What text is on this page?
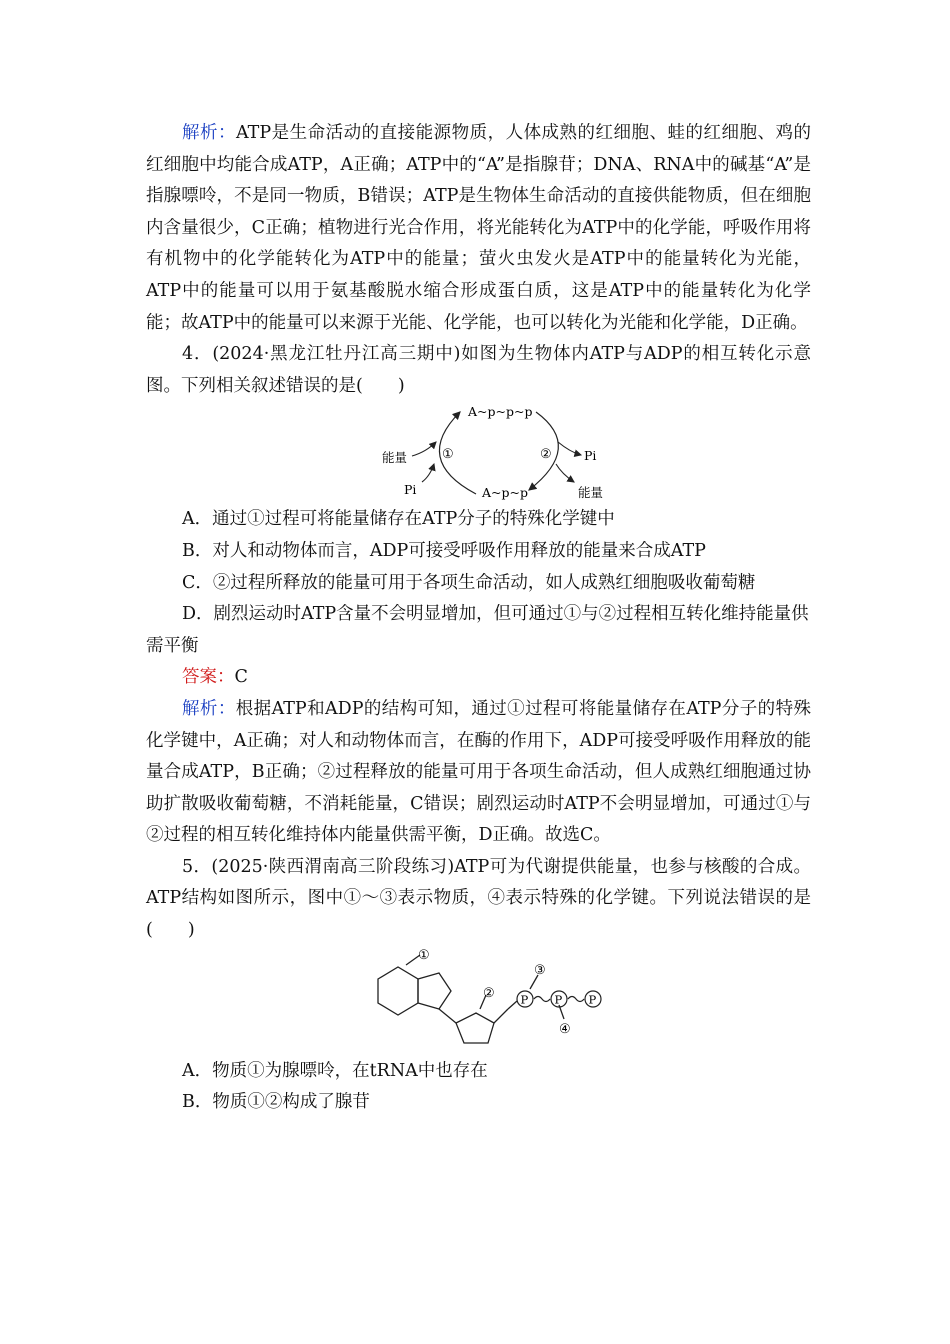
解析：ATP是生命活动的直接能源物质，人体成熟的红细胞、蛙的红细胞、鸡的红细胞中均能合成ATP，A正确；ATP中的“A”是指腺苷；DNA、RNA中的碱基“A”是指腺嘌呤，不是同一物质，B错误；ATP是生物体生命活动的直接供能物质，但在细胞内含量很少，C正确；植物进行光合作用，将光能转化为ATP中的化学能，呼吸作用将有机物中的化学能转化为ATP中的能量；萤火虫发火是ATP中的能量转化为光能，ATP中的能量可以用于氨基酸脱水缩合形成蛋白质，这是ATP中的能量转化为化学能；故ATP中的能量可以来源于光能、化学能，也可以转化为光能和化学能，D正确。

4．(2024·黑龙江牡丹江高三期中)如图为生物体内ATP与ADP的相互转化示意图。下列相关叙述错误的是(　　)

A~p~p~p
A~p~p
①	②
能量
Pi
Pi
能量

A．通过①过程可将能量储存在ATP分子的特殊化学键中

B．对人和动物体而言，ADP可接受呼吸作用释放的能量来合成ATP

C．②过程所释放的能量可用于各项生命活动，如人成熟红细胞吸收葡萄糖

D．剧烈运动时ATP含量不会明显增加，但可通过①与②过程相互转化维持能量供需平衡

答案：C

解析：根据ATP和ADP的结构可知，通过①过程可将能量储存在ATP分子的特殊化学键中，A正确；对人和动物体而言，在酶的作用下，ADP可接受呼吸作用释放的能量合成ATP，B正确；②过程释放的能量可用于各项生命活动，但人成熟红细胞通过协助扩散吸收葡萄糖，不消耗能量，C错误；剧烈运动时ATP不会明显增加，可通过①与②过程的相互转化维持体内能量供需平衡，D正确。故选C。

5．(2025·陕西渭南高三阶段练习)ATP可为代谢提供能量，也参与核酸的合成。ATP结构如图所示，图中①～③表示物质，④表示特殊的化学键。下列说法错误的是(　　)

①
②
③
④
P P P

A．物质①为腺嘌呤，在tRNA中也存在

B．物质①②构成了腺苷
